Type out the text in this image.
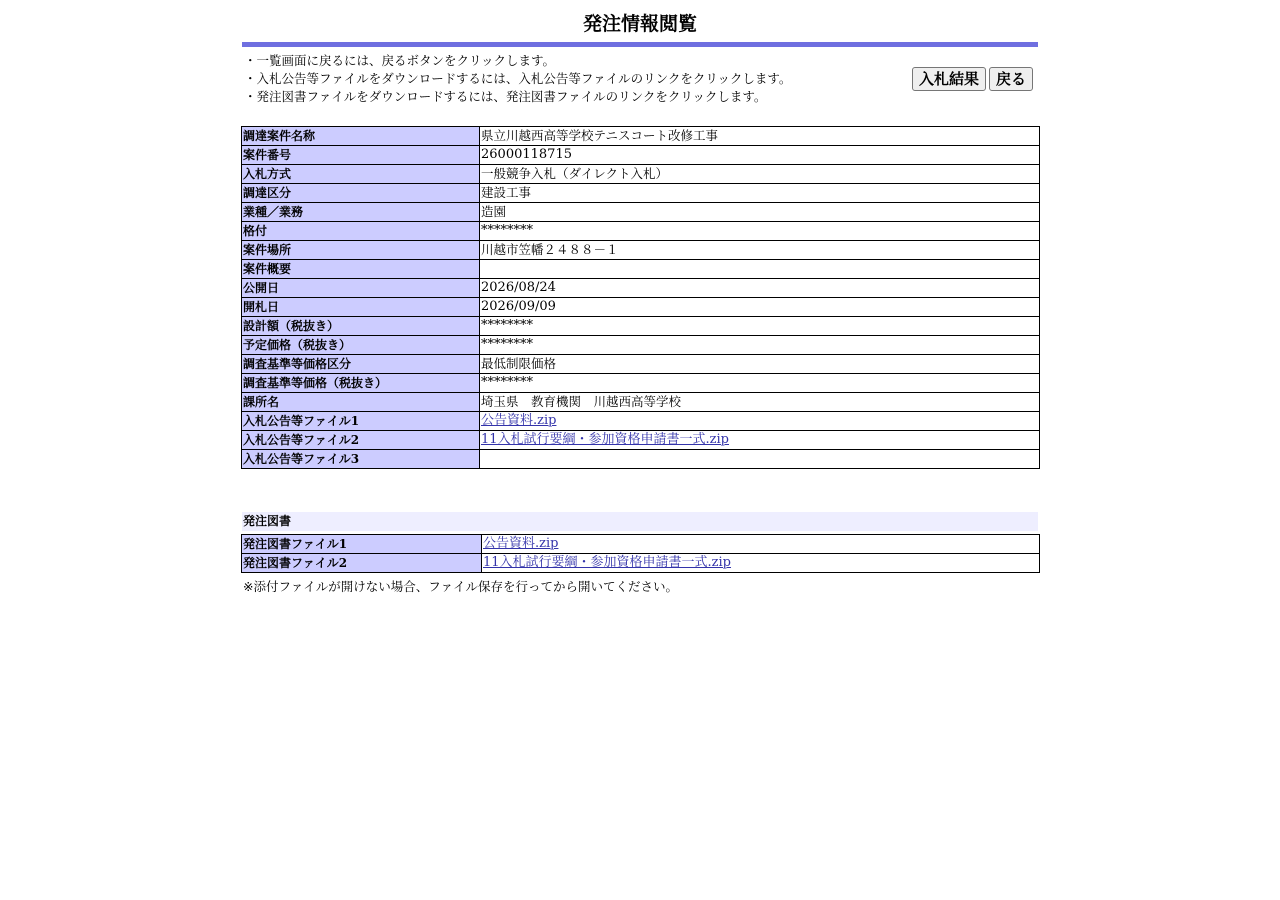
発注情報閲覧
・一覧画面に戻るには、戻るボタンをクリックします。
・入札公告等ファイルをダウンロードするには、入札公告等ファイルのリンクをクリックします。
・発注図書ファイルをダウンロードするには、発注図書ファイルのリンクをクリックします。
入札結果	戻る
調達案件名称	県立川越西高等学校テニスコート改修工事
案件番号	26000118715
入札方式	一般競争入札（ダイレクト入札）
調達区分	建設工事
業種／業務	造園
格付	********
案件場所	川越市笠幡２４８８－１
案件概要	
公開日	2026/08/24
開札日	2026/09/09
設計額（税抜き）	********
予定価格（税抜き）	********
調査基準等価格区分	最低制限価格
調査基準等価格（税抜き）	********
課所名	埼玉県　教育機関　川越西高等学校
入札公告等ファイル1	公告資料.zip
入札公告等ファイル2	11入札試行要綱・参加資格申請書一式.zip
入札公告等ファイル3	
発注図書
発注図書ファイル1	公告資料.zip
発注図書ファイル2	11入札試行要綱・参加資格申請書一式.zip
※添付ファイルが開けない場合、ファイル保存を行ってから開いてください。
